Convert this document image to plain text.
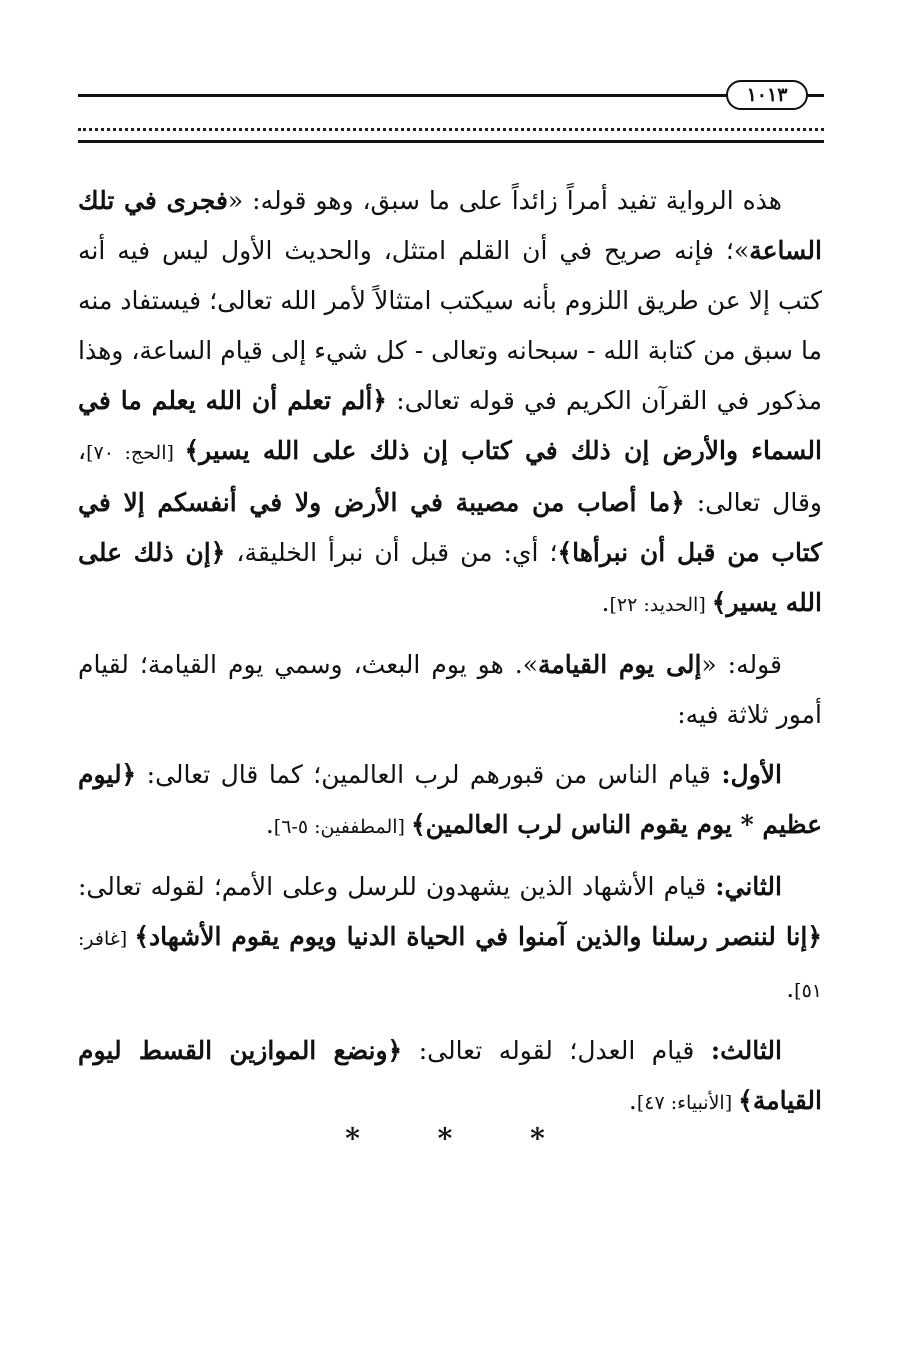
١٠١٣

هذه الرواية تفيد أمراً زائداً على ما سبق، وهو قوله: «فجرى في تلك الساعة»؛ فإنه صريح في أن القلم امتثل، والحديث الأول ليس فيه أنه كتب إلا عن طريق اللزوم بأنه سيكتب امتثالاً لأمر الله تعالى؛ فيستفاد منه ما سبق من كتابة الله - سبحانه وتعالى - كل شيء إلى قيام الساعة، وهذا مذكور في القرآن الكريم في قوله تعالى: ﴿ألم تعلم أن الله يعلم ما في السماء والأرض إن ذلك في كتاب إن ذلك على الله يسير﴾ [الحج: ٧٠]، وقال تعالى: ﴿ما أصاب من مصيبة في الأرض ولا في أنفسكم إلا في كتاب من قبل أن نبرأها﴾؛ أي: من قبل أن نبرأ الخليقة، ﴿إن ذلك على الله يسير﴾ [الحديد: ٢٢].

قوله: «إلى يوم القيامة». هو يوم البعث، وسمي يوم القيامة؛ لقيام أمور ثلاثة فيه:

الأول: قيام الناس من قبورهم لرب العالمين؛ كما قال تعالى: ﴿ليوم عظيم * يوم يقوم الناس لرب العالمين﴾ [المطففين: ٥-٦].

الثاني: قيام الأشهاد الذين يشهدون للرسل وعلى الأمم؛ لقوله تعالى: ﴿إنا لننصر رسلنا والذين آمنوا في الحياة الدنيا ويوم يقوم الأشهاد﴾ [غافر: ٥١].

الثالث: قيام العدل؛ لقوله تعالى: ﴿ونضع الموازين القسط ليوم القيامة﴾ [الأنبياء: ٤٧].

* * *
